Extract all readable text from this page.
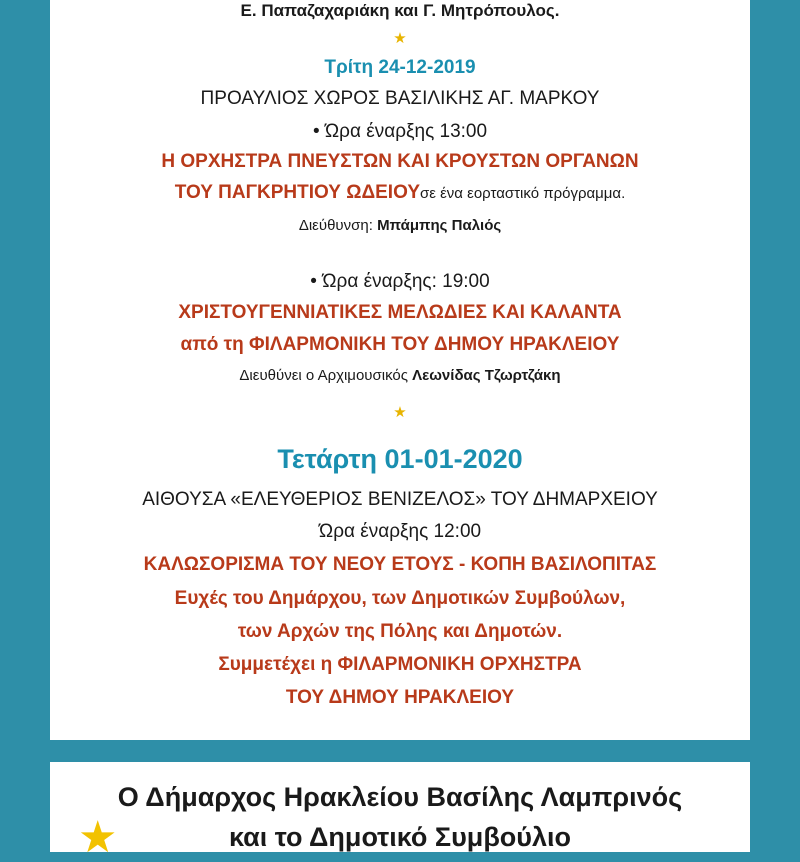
Ε. Παπαζαχαριάκη και Γ. Μητρόπουλος.
★
Τρίτη 24-12-2019
ΠΡΟΑΥΛΙΟΣ ΧΩΡΟΣ ΒΑΣΙΛΙΚΗΣ ΑΓ. ΜΑΡΚΟΥ
• Ώρα έναρξης 13:00
Η ΟΡΧΗΣΤΡΑ ΠΝΕΥΣΤΩΝ ΚΑΙ ΚΡΟΥΣΤΩΝ ΟΡΓΑΝΩΝ
ΤΟΥ ΠΑΓΚΡΗΤΙΟΥ ΩΔΕΙΟΥσε ένα εορταστικό πρόγραμμα.
Διεύθυνση: Μπάμπης Παλιός
• Ώρα έναρξης: 19:00
ΧΡΙΣΤΟΥΓΕΝΝΙΑΤΙΚΕΣ ΜΕΛΩΔΙΕΣ ΚΑΙ ΚΑΛΑΝΤΑ
από τη ΦΙΛΑΡΜΟΝΙΚΗ ΤΟΥ ΔΗΜΟΥ ΗΡΑΚΛΕΙΟΥ
Διευθύνει ο Αρχιμουσικός Λεωνίδας Τζωρτζάκη
★
Τετάρτη 01-01-2020
ΑΙΘΟΥΣΑ «ΕΛΕΥΘΕΡΙΟΣ ΒΕΝΙΖΕΛΟΣ» ΤΟΥ ΔΗΜΑΡΧΕΙΟΥ
Ώρα έναρξης 12:00
ΚΑΛΩΣΟΡΙΣΜΑ ΤΟΥ ΝΕΟΥ ΕΤΟΥΣ - ΚΟΠΗ ΒΑΣΙΛΟΠΙΤΑΣ
Ευχές του Δημάρχου, των Δημοτικών Συμβούλων,
των Αρχών της Πόλης και Δημοτών.
Συμμετέχει η ΦΙΛΑΡΜΟΝΙΚΗ ΟΡΧΗΣΤΡΑ
ΤΟΥ ΔΗΜΟΥ ΗΡΑΚΛΕΙΟΥ
Ο Δήμαρχος Ηρακλείου Βασίλης Λαμπρινός
και το Δημοτικό Συμβούλιο
★
